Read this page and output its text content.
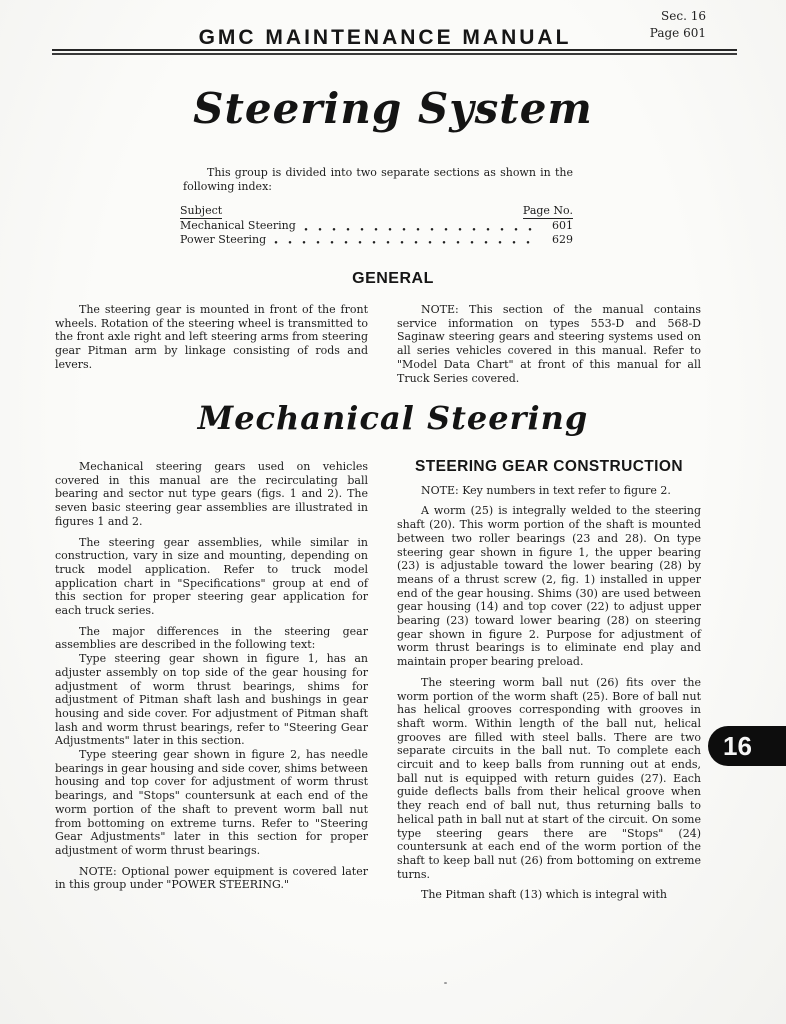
Sec. 16
Page 601
GMC MAINTENANCE MANUAL
Steering System

This group is divided into two separate sections as shown in the following index:

Subject	Page No.
Mechanical Steering	601
Power Steering	629
GENERAL

The steering gear is mounted in front of the front wheels. Rotation of the steering wheel is transmitted to the front axle right and left steering arms from steering gear Pitman arm by linkage consisting of rods and levers.

NOTE: This section of the manual contains service information on types 553-D and 568-D Saginaw steering gears and steering systems used on all series vehicles covered in this manual. Refer to "Model Data Chart" at front of this manual for all Truck Series covered.

Mechanical Steering

Mechanical steering gears used on vehicles covered in this manual are the recirculating ball bearing and sector nut type gears (figs. 1 and 2). The seven basic steering gear assemblies are illustrated in figures 1 and 2.

The steering gear assemblies, while similar in construction, vary in size and mounting, depending on truck model application. Refer to truck model application chart in "Specifications" group at end of this section for proper steering gear application for each truck series.

The major differences in the steering gear assemblies are described in the following text:

Type steering gear shown in figure 1, has an adjuster assembly on top side of the gear housing for adjustment of worm thrust bearings, shims for adjustment of Pitman shaft lash and bushings in gear housing and side cover. For adjustment of Pitman shaft lash and worm thrust bearings, refer to "Steering Gear Adjustments" later in this section.

Type steering gear shown in figure 2, has needle bearings in gear housing and side cover, shims between housing and top cover for adjustment of worm thrust bearings, and "Stops" countersunk at each end of the worm portion of the shaft to prevent worm ball nut from bottoming on extreme turns. Refer to "Steering Gear Adjustments" later in this section for proper adjustment of worm thrust bearings.

NOTE: Optional power equipment is covered later in this group under "POWER STEERING."

STEERING GEAR CONSTRUCTION

NOTE: Key numbers in text refer to figure 2.

A worm (25) is integrally welded to the steering shaft (20). This worm portion of the shaft is mounted between two roller bearings (23 and 28). On type steering gear shown in figure 1, the upper bearing (23) is adjustable toward the lower bearing (28) by means of a thrust screw (2, fig. 1) installed in upper end of the gear housing. Shims (30) are used between gear housing (14) and top cover (22) to adjust upper bearing (23) toward lower bearing (28) on steering gear shown in figure 2. Purpose for adjustment of worm thrust bearings is to eliminate end play and maintain proper bearing preload.

The steering worm ball nut (26) fits over the worm portion of the worm shaft (25). Bore of ball nut has helical grooves corresponding with grooves in shaft worm. Within length of the ball nut, helical grooves are filled with steel balls. There are two separate circuits in the ball nut. To complete each circuit and to keep balls from running out at ends, ball nut is equipped with return guides (27). Each guide deflects balls from their helical groove when they reach end of ball nut, thus returning balls to helical path in ball nut at start of the circuit. On some type steering gears there are "Stops" (24) countersunk at each end of the worm portion of the shaft to keep ball nut (26) from bottoming on extreme turns.

The Pitman shaft (13) which is integral with

16
